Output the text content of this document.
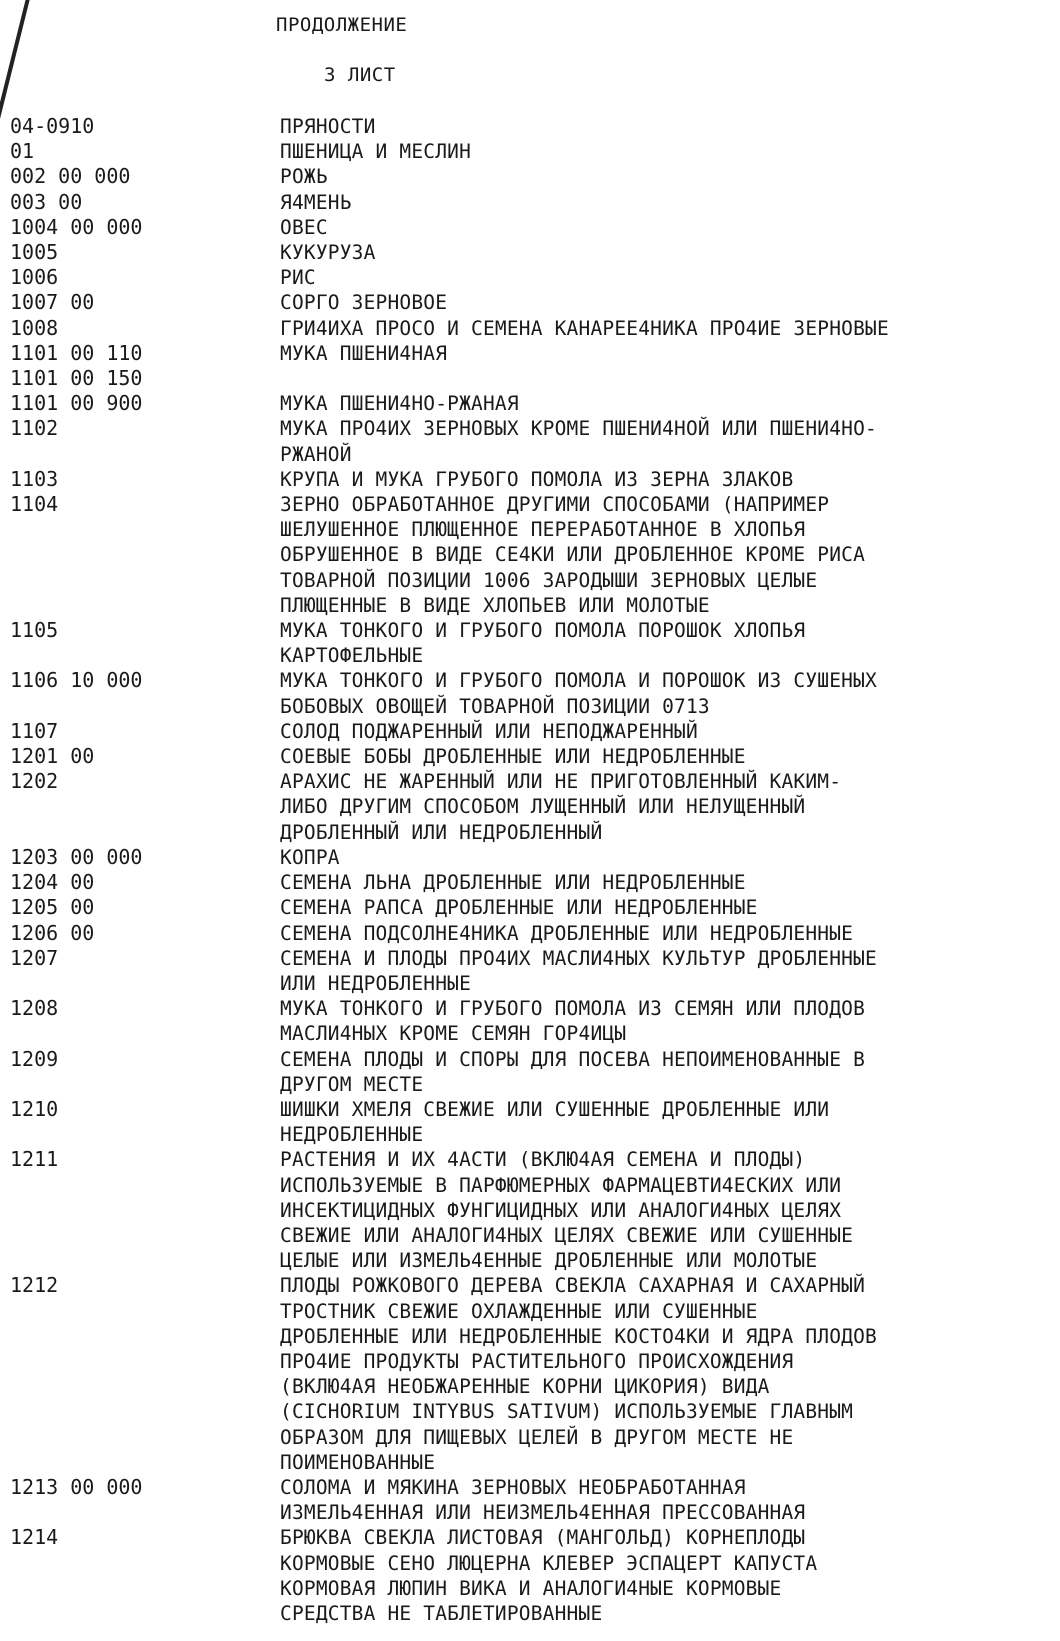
ПРОДОЛЖЕНИЕ
3 ЛИСТ
04-0910	ПРЯНОСТИ
01	ПШЕНИЦА И МЕСЛИН
002 00 000	РОЖЬ
003 00	Я4МЕНЬ
1004 00 000	ОВЕС
1005	КУКУРУЗА
1006	РИС
1007 00	СОРГО ЗЕРНОВОЕ
1008	ГРИ4ИХА ПРОСО И СЕМЕНА КАНАРЕЕ4НИКА ПРО4ИЕ ЗЕРНОВЫЕ
1101 00 110	МУКА ПШЕНИ4НАЯ
1101 00 150
1101 00 900	МУКА ПШЕНИ4НО-РЖАНАЯ
1102	МУКА ПРО4ИХ ЗЕРНОВЫХ КРОМЕ ПШЕНИ4НОЙ ИЛИ ПШЕНИ4НО-
РЖАНОЙ
1103	КРУПА И МУКА ГРУБОГО ПОМОЛА ИЗ ЗЕРНА ЗЛАКОВ
1104	ЗЕРНО ОБРАБОТАННОЕ ДРУГИМИ СПОСОБАМИ (НАПРИМЕР
ШЕЛУШЕННОЕ ПЛЮЩЕННОЕ ПЕРЕРАБОТАННОЕ В ХЛОПЬЯ
ОБРУШЕННОЕ В ВИДЕ СЕ4КИ ИЛИ ДРОБЛЕННОЕ КРОМЕ РИСА
ТОВАРНОЙ ПОЗИЦИИ 1006 ЗАРОДЫШИ ЗЕРНОВЫХ ЦЕЛЫЕ
ПЛЮЩЕННЫЕ В ВИДЕ ХЛОПЬЕВ ИЛИ МОЛОТЫЕ
1105	МУКА ТОНКОГО И ГРУБОГО ПОМОЛА ПОРОШОК ХЛОПЬЯ
КАРТОФЕЛЬНЫЕ
1106 10 000	МУКА ТОНКОГО И ГРУБОГО ПОМОЛА И ПОРОШОК ИЗ СУШЕНЫХ
БОБОВЫХ ОВОЩЕЙ ТОВАРНОЙ ПОЗИЦИИ 0713
1107	СОЛОД ПОДЖАРЕННЫЙ ИЛИ НЕПОДЖАРЕННЫЙ
1201 00	СОЕВЫЕ БОБЫ ДРОБЛЕННЫЕ ИЛИ НЕДРОБЛЕННЫЕ
1202	АРАХИС НЕ ЖАРЕННЫЙ ИЛИ НЕ ПРИГОТОВЛЕННЫЙ КАКИМ-
ЛИБО ДРУГИМ СПОСОБОМ ЛУЩЕННЫЙ ИЛИ НЕЛУЩЕННЫЙ
ДРОБЛЕННЫЙ ИЛИ НЕДРОБЛЕННЫЙ
1203 00 000	КОПРА
1204 00	СЕМЕНА ЛЬНА ДРОБЛЕННЫЕ ИЛИ НЕДРОБЛЕННЫЕ
1205 00	СЕМЕНА РАПСА ДРОБЛЕННЫЕ ИЛИ НЕДРОБЛЕННЫЕ
1206 00	СЕМЕНА ПОДСОЛНЕ4НИКА ДРОБЛЕННЫЕ ИЛИ НЕДРОБЛЕННЫЕ
1207	СЕМЕНА И ПЛОДЫ ПРО4ИХ МАСЛИ4НЫХ КУЛЬТУР ДРОБЛЕННЫЕ
ИЛИ НЕДРОБЛЕННЫЕ
1208	МУКА ТОНКОГО И ГРУБОГО ПОМОЛА ИЗ СЕМЯН ИЛИ ПЛОДОВ
МАСЛИ4НЫХ КРОМЕ СЕМЯН ГОР4ИЦЫ
1209	СЕМЕНА ПЛОДЫ И СПОРЫ ДЛЯ ПОСЕВА НЕПОИМЕНОВАННЫЕ В
ДРУГОМ МЕСТЕ
1210	ШИШКИ ХМЕЛЯ СВЕЖИЕ ИЛИ СУШЕННЫЕ ДРОБЛЕННЫЕ ИЛИ
НЕДРОБЛЕННЫЕ
1211	РАСТЕНИЯ И ИХ 4АСТИ (ВКЛЮ4АЯ СЕМЕНА И ПЛОДЫ)
ИСПОЛЬЗУЕМЫЕ В ПАРФЮМЕРНЫХ ФАРМАЦЕВТИ4ЕСКИХ ИЛИ
ИНСЕКТИЦИДНЫХ ФУНГИЦИДНЫХ ИЛИ АНАЛОГИ4НЫХ ЦЕЛЯХ
СВЕЖИЕ ИЛИ АНАЛОГИ4НЫХ ЦЕЛЯХ СВЕЖИЕ ИЛИ СУШЕННЫЕ
ЦЕЛЫЕ ИЛИ ИЗМЕЛЬ4ЕННЫЕ ДРОБЛЕННЫЕ ИЛИ МОЛОТЫЕ
1212	ПЛОДЫ РОЖКОВОГО ДЕРЕВА СВЕКЛА САХАРНАЯ И САХАРНЫЙ
ТРОСТНИК СВЕЖИЕ ОХЛАЖДЕННЫЕ ИЛИ СУШЕННЫЕ
ДРОБЛЕННЫЕ ИЛИ НЕДРОБЛЕННЫЕ КОСТО4КИ И ЯДРА ПЛОДОВ
ПРО4ИЕ ПРОДУКТЫ РАСТИТЕЛЬНОГО ПРОИСХОЖДЕНИЯ
(ВКЛЮ4АЯ НЕОБЖАРЕННЫЕ КОРНИ ЦИКОРИЯ) ВИДА
(CICHORIUM INTYBUS SATIVUM) ИСПОЛЬЗУЕМЫЕ ГЛАВНЫМ
ОБРАЗОМ ДЛЯ ПИЩЕВЫХ ЦЕЛЕЙ В ДРУГОМ МЕСТЕ НЕ
ПОИМЕНОВАННЫЕ
1213 00 000	СОЛОМА И МЯКИНА ЗЕРНОВЫХ НЕОБРАБОТАННАЯ
ИЗМЕЛЬ4ЕННАЯ ИЛИ НЕИЗМЕЛЬ4ЕННАЯ ПРЕССОВАННАЯ
1214	БРЮКВА СВЕКЛА ЛИСТОВАЯ (МАНГОЛЬД) КОРНЕПЛОДЫ
КОРМОВЫЕ СЕНО ЛЮЦЕРНА КЛЕВЕР ЭСПАЦЕРТ КАПУСТА
КОРМОВАЯ ЛЮПИН ВИКА И АНАЛОГИ4НЫЕ КОРМОВЫЕ
СРЕДСТВА НЕ ТАБЛЕТИРОВАННЫЕ
